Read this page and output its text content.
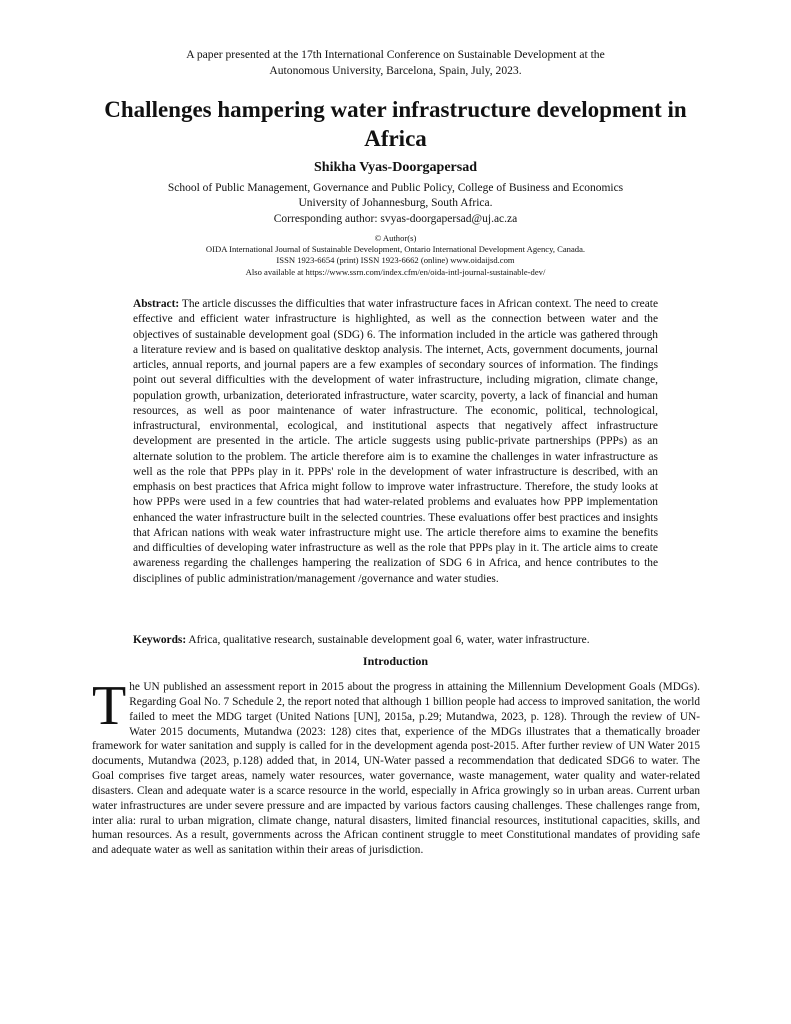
A paper presented at the 17th International Conference on Sustainable Development at the
Autonomous University, Barcelona, Spain, July, 2023.
Challenges hampering water infrastructure development in
Africa
Shikha Vyas-Doorgapersad
School of Public Management, Governance and Public Policy, College of Business and Economics
University of Johannesburg, South Africa.
Corresponding author: svyas-doorgapersad@uj.ac.za
© Author(s)
OIDA International Journal of Sustainable Development, Ontario International Development Agency, Canada.
ISSN 1923-6654 (print) ISSN 1923-6662 (online) www.oidaijsd.com
Also available at https://www.ssrn.com/index.cfm/en/oida-intl-journal-sustainable-dev/
Abstract: The article discusses the difficulties that water infrastructure faces in African context. The need to create effective and efficient water infrastructure is highlighted, as well as the connection between water and the objectives of sustainable development goal (SDG) 6. The information included in the article was gathered through a literature review and is based on qualitative desktop analysis. The internet, Acts, government documents, journal articles, annual reports, and journal papers are a few examples of secondary sources of information. The findings point out several difficulties with the development of water infrastructure, including migration, climate change, population growth, urbanization, deteriorated infrastructure, water scarcity, poverty, a lack of financial and human resources, as well as poor maintenance of water infrastructure. The economic, political, technological, infrastructural, environmental, ecological, and institutional aspects that negatively affect infrastructure development are presented in the article. The article suggests using public-private partnerships (PPPs) as an alternate solution to the problem. The article therefore aim is to examine the challenges in water infrastructure as well as the role that PPPs play in it. PPPs' role in the development of water infrastructure is described, with an emphasis on best practices that Africa might follow to improve water infrastructure. Therefore, the study looks at how PPPs were used in a few countries that had water-related problems and evaluates how PPP implementation enhanced the water infrastructure built in the selected countries. These evaluations offer best practices and insights that African nations with weak water infrastructure might use. The article therefore aims to examine the benefits and difficulties of developing water infrastructure as well as the role that PPPs play in it. The article aims to create awareness regarding the challenges hampering the realization of SDG 6 in Africa, and hence contributes to the disciplines of public administration/management /governance and water studies.
Keywords: Africa, qualitative research, sustainable development goal 6, water, water infrastructure.
Introduction
The UN published an assessment report in 2015 about the progress in attaining the Millennium Development Goals (MDGs). Regarding Goal No. 7 Schedule 2, the report noted that although 1 billion people had access to improved sanitation, the world failed to meet the MDG target (United Nations [UN], 2015a, p.29; Mutandwa, 2023, p. 128). Through the review of UN-Water 2015 documents, Mutandwa (2023: 128) cites that, experience of the MDGs illustrates that a thematically broader framework for water sanitation and supply is called for in the development agenda post-2015. After further review of UN Water 2015 documents, Mutandwa (2023, p.128) added that, in 2014, UN-Water passed a recommendation that dedicated SDG6 to water. The Goal comprises five target areas, namely water resources, water governance, waste management, water quality and water-related disasters. Clean and adequate water is a scarce resource in the world, especially in Africa growingly so in urban areas. Current urban water infrastructures are under severe pressure and are impacted by various factors causing challenges. These challenges range from, inter alia: rural to urban migration, climate change, natural disasters, limited financial resources, institutional capacities, skills, and human resources. As a result, governments across the African continent struggle to meet Constitutional mandates of providing safe and adequate water as well as sanitation within their areas of jurisdiction.
